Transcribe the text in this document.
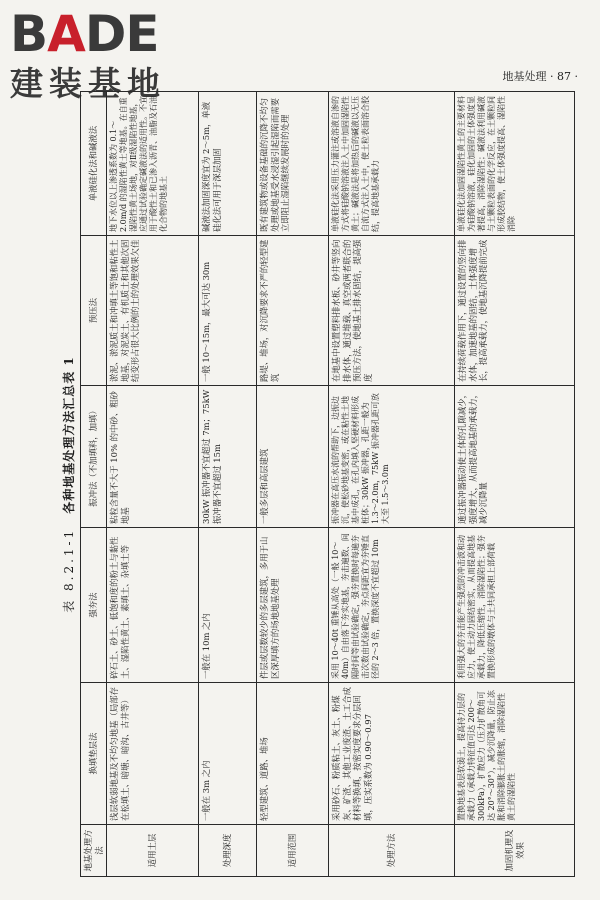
BADE
建装基地	地基处理 · 87 ·
表 8.2.1-1各种地基处理方法汇总表 1
地基处理方法	换填垫层法	强夯法	振冲法（不加填料，加填）	预压法	单液硅化法和碱液法
适用土层	浅层软弱地基及不均匀地基（局部存在松填土、暗塘、暗沟、古井等）	碎石土、砂土、低饱和度的粉土与黏性土、湿陷性黄土、素填土、杂填土等	粘粒含量不大于 10% 的中砂、粗砂地基	淤泥、淤泥质土和冲填土等饱和粘性土地基，对泥炭土、有机质土和其他次固结变形占很大比例的土的处理效果欠佳	地下水位以上渗透系数为 0.1～2.0m/d 的湿陷性黄土等地基。在自重湿陷性黄土场地，对Ⅱ级湿陷性地基，应通过试验确定碱液法的适用性。不宜用于酸性土和已渗入沥青、油脂及石油化合物的地基土
处理深度	一般在 3m 之内	一般在 10m 之内	30kW 振冲器不宜超过 7m；75kW 振冲器不宜超过 15m	一般 10～15m，最大可达 30m	碱液法加固深度宜为 2～5m，单液硅化法可用于深层加固
适用范围	轻型建筑、道路、堆场	件层或层数较少的多层建筑，多用于山区深厚填方的场地地基处理	一般多层和高层建筑	路堤、堆场，对沉降要求不严的轻型建筑	既有建筑物或设备基础的沉降不均匀处理或地基受水浸湿引起湿陷而需要立即阻止湿陷继续发展时的处理
处理方法	采用砂石、粉质粘土、灰土、粉煤灰、矿渣、其他工业废渣、土工合成材料等换填，按密实度要求分层回填，压实系数为 0.90～0.97	采用 10～40t 重锤从高处（一般 10～40m）自由落下夯实地基，夯击遍数、间隔时间等由试验确定，强夯置换时每遍夯击次数由试验确定，夯点间距宜为夯锤直径的 2～3 倍，置换深度不宜超过 10m	振冲器在高压水流的帮助下，边振边沉，使松砂地基变密，或在粘性土地基中成孔，在孔内填入坚硬材料形成桩体；30kW 振冲器，孔距一般为 1.3～2.0m，75kW 振冲器孔距可放大至 1.5～3.0m	在地基中设置塑料排水板、砂井等竖向排水体，通过堆载、真空或两者联合的预压方法，使地基土排水固结，提高强度	单液硅化法采用压力灌注或溶液自渗的方式将硅酸钠溶液注入土中加固湿陷性黄土；碱液法是将加热后的碱液以无压自流方式注入土中，使土粒表面溶合胶结，提高地基承载力
加固机理及效果	置换地基表层软弱土，提高持力层的承载力（承载力特征值可达 200～300kPa），扩散应力（压力扩散角可达 20°～30°），减少沉降量，防止冻胀和消除膨胀土的胀缩，消除湿陷性黄土的湿陷性	利用强大的夯击能产生强烈的冲击波和动应力，使土动力固结密实，从而提高地基承载力，降低压缩性，消除湿陷性；强夯置换形成的墩体与土共同承担上部荷载	通过振冲器振动使土体的孔隙减少，强度增大，从而提高地基的承载力，减少沉降量	在持续荷载作用下，通过设置的竖向排水体，加速地基的固结，土体强度增长，提高承载力，使地基沉降提前完成	单液硅化法加固湿陷性黄土的主要材料为硅酸钠溶液，硅化加固的土体强度显著提高，消除湿陷性；碱液法利用碱液与土颗粒表面的化学反应，在土颗粒间形成胶结物，使土体强度提高、湿陷性消除
